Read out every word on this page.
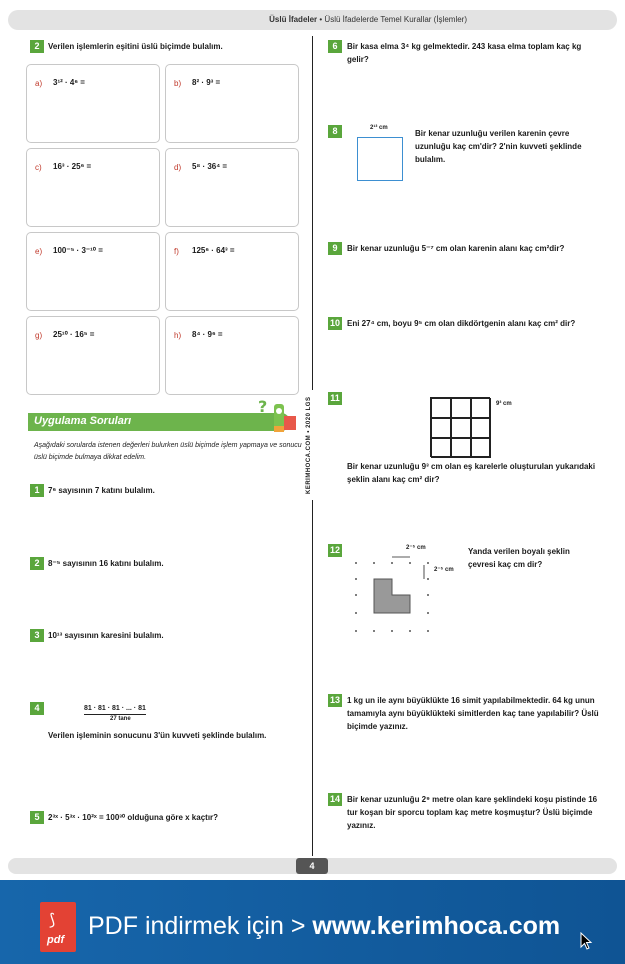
Üslü İfadeler • Üslü İfadelerde Temel Kurallar (İşlemler)
2	Verilen işlemlerin eşitini üslü biçimde bulalım.
a) 3¹² · 4⁶ =	b) 8² · 9³ =
c) 16³ · 25⁶ =	d) 5⁸ · 36⁴ =
e) 100⁻⁵ · 3⁻¹⁰ =	f) 125⁶ · 64³ =
g) 25¹⁰ · 16⁵ =	h) 8⁴ · 9⁶ =
Uygulama Soruları
?
Aşağıdaki sorularda istenen değerleri bulurken üslü biçimde işlem yapmaya ve sonucu üslü biçimde bulmaya dikkat edelim.
1	7⁶ sayısının 7 katını bulalım.
2	8⁻⁵ sayısının 16 katını bulalım.
3	10¹³ sayısının karesini bulalım.
4	81 · 81 · 81 · ... · 81
27 tane
Verilen işleminin sonucunu 3'ün kuvveti şeklinde bulalım.
5	2³ˣ · 5³ˣ · 10²ˣ = 100³⁰ olduğuna göre x kaçtır?
KERİMHOCA.COM • 2020 LGS
6	Bir kasa elma 3⁴ kg gelmektedir. 243 kasa elma toplam kaç kg gelir?
8	2¹³ cm
Bir kenar uzunluğu verilen karenin çevre uzunluğu kaç cm'dir? 2'nin kuvveti şeklinde bulalım.
9	Bir kenar uzunluğu 5⁻⁷ cm olan karenin alanı kaç cm²dir?
10 Eni 27⁴ cm, boyu 9⁵ cm olan dikdörtgenin alanı kaç cm² dir?
11
9³ cm
Bir kenar uzunluğu 9³ cm olan eş karelerle oluşturulan yukarıdaki şeklin alanı kaç cm² dir?
12	2⁻⁵ cm
2⁻⁵ cm
Yanda verilen boyalı şeklin çevresi kaç cm dir?
13 1 kg un ile aynı büyüklükte 16 simit yapılabilmektedir. 64 kg unun tamamıyla aynı büyüklükteki simitlerden kaç tane yapılabilir? Üslü biçimde yazınız.
14 Bir kenar uzunluğu 2⁹ metre olan kare şeklindeki koşu pistinde 16 tur koşan bir sporcu toplam kaç metre koşmuştur? Üslü biçimde yazınız.
4
⟆
pdf PDF indirmek için > www.kerimhoca.com
